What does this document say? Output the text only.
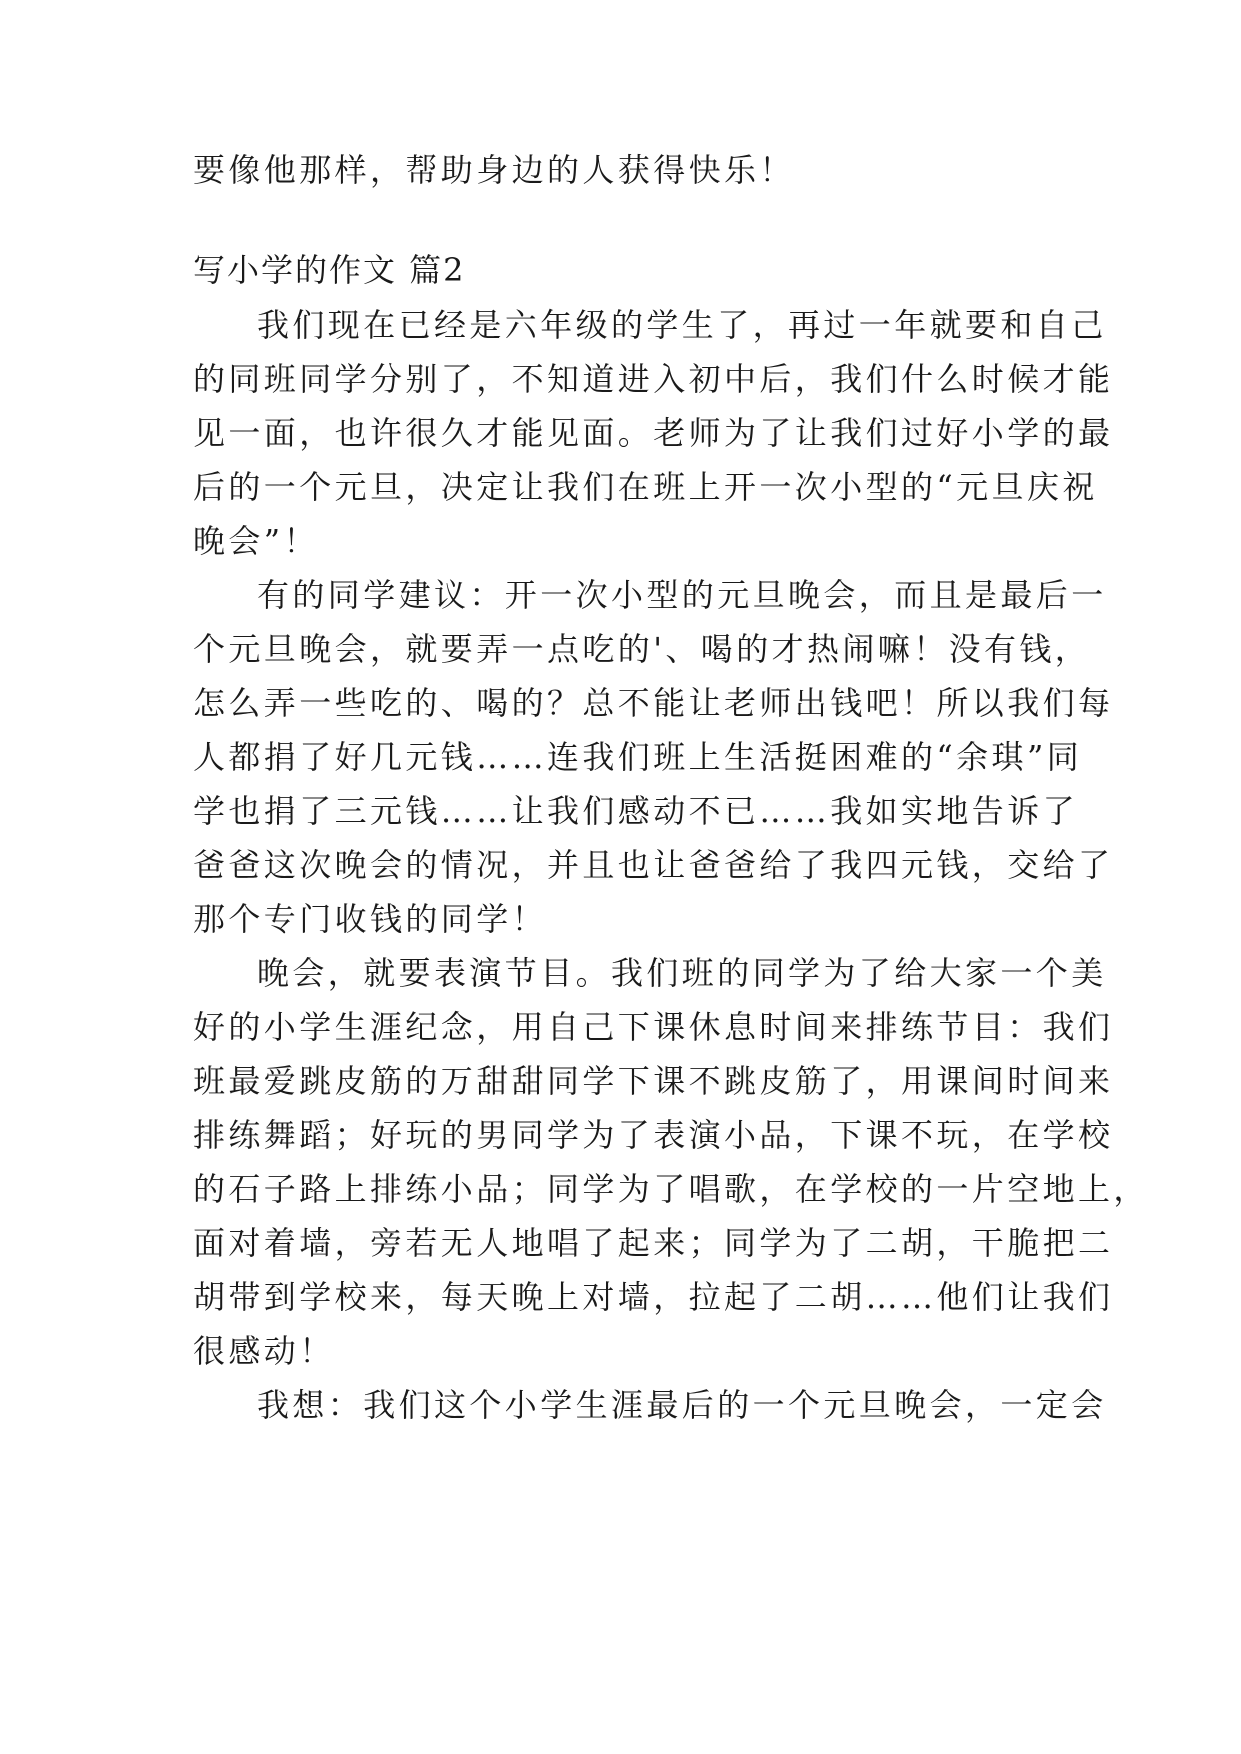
要像他那样，帮助身边的人获得快乐！

写小学的作文 篇2

我们现在已经是六年级的学生了，再过一年就要和自己

的同班同学分别了，不知道进入初中后，我们什么时候才能

见一面，也许很久才能见面。老师为了让我们过好小学的最

后的一个元旦，决定让我们在班上开一次小型的“元旦庆祝

晚会”！

有的同学建议：开一次小型的元旦晚会，而且是最后一

个元旦晚会，就要弄一点吃的'、喝的才热闹嘛！没有钱，

怎么弄一些吃的、喝的？总不能让老师出钱吧！所以我们每

人都捐了好几元钱……连我们班上生活挺困难的“余琪”同

学也捐了三元钱……让我们感动不已……我如实地告诉了

爸爸这次晚会的情况，并且也让爸爸给了我四元钱，交给了

那个专门收钱的同学！

晚会，就要表演节目。我们班的同学为了给大家一个美

好的小学生涯纪念，用自己下课休息时间来排练节目：我们

班最爱跳皮筋的万甜甜同学下课不跳皮筋了，用课间时间来

排练舞蹈；好玩的男同学为了表演小品，下课不玩，在学校

的石子路上排练小品；同学为了唱歌，在学校的一片空地上，

面对着墙，旁若无人地唱了起来；同学为了二胡，干脆把二

胡带到学校来，每天晚上对墙，拉起了二胡……他们让我们

很感动！

我想：我们这个小学生涯最后的一个元旦晚会，一定会
